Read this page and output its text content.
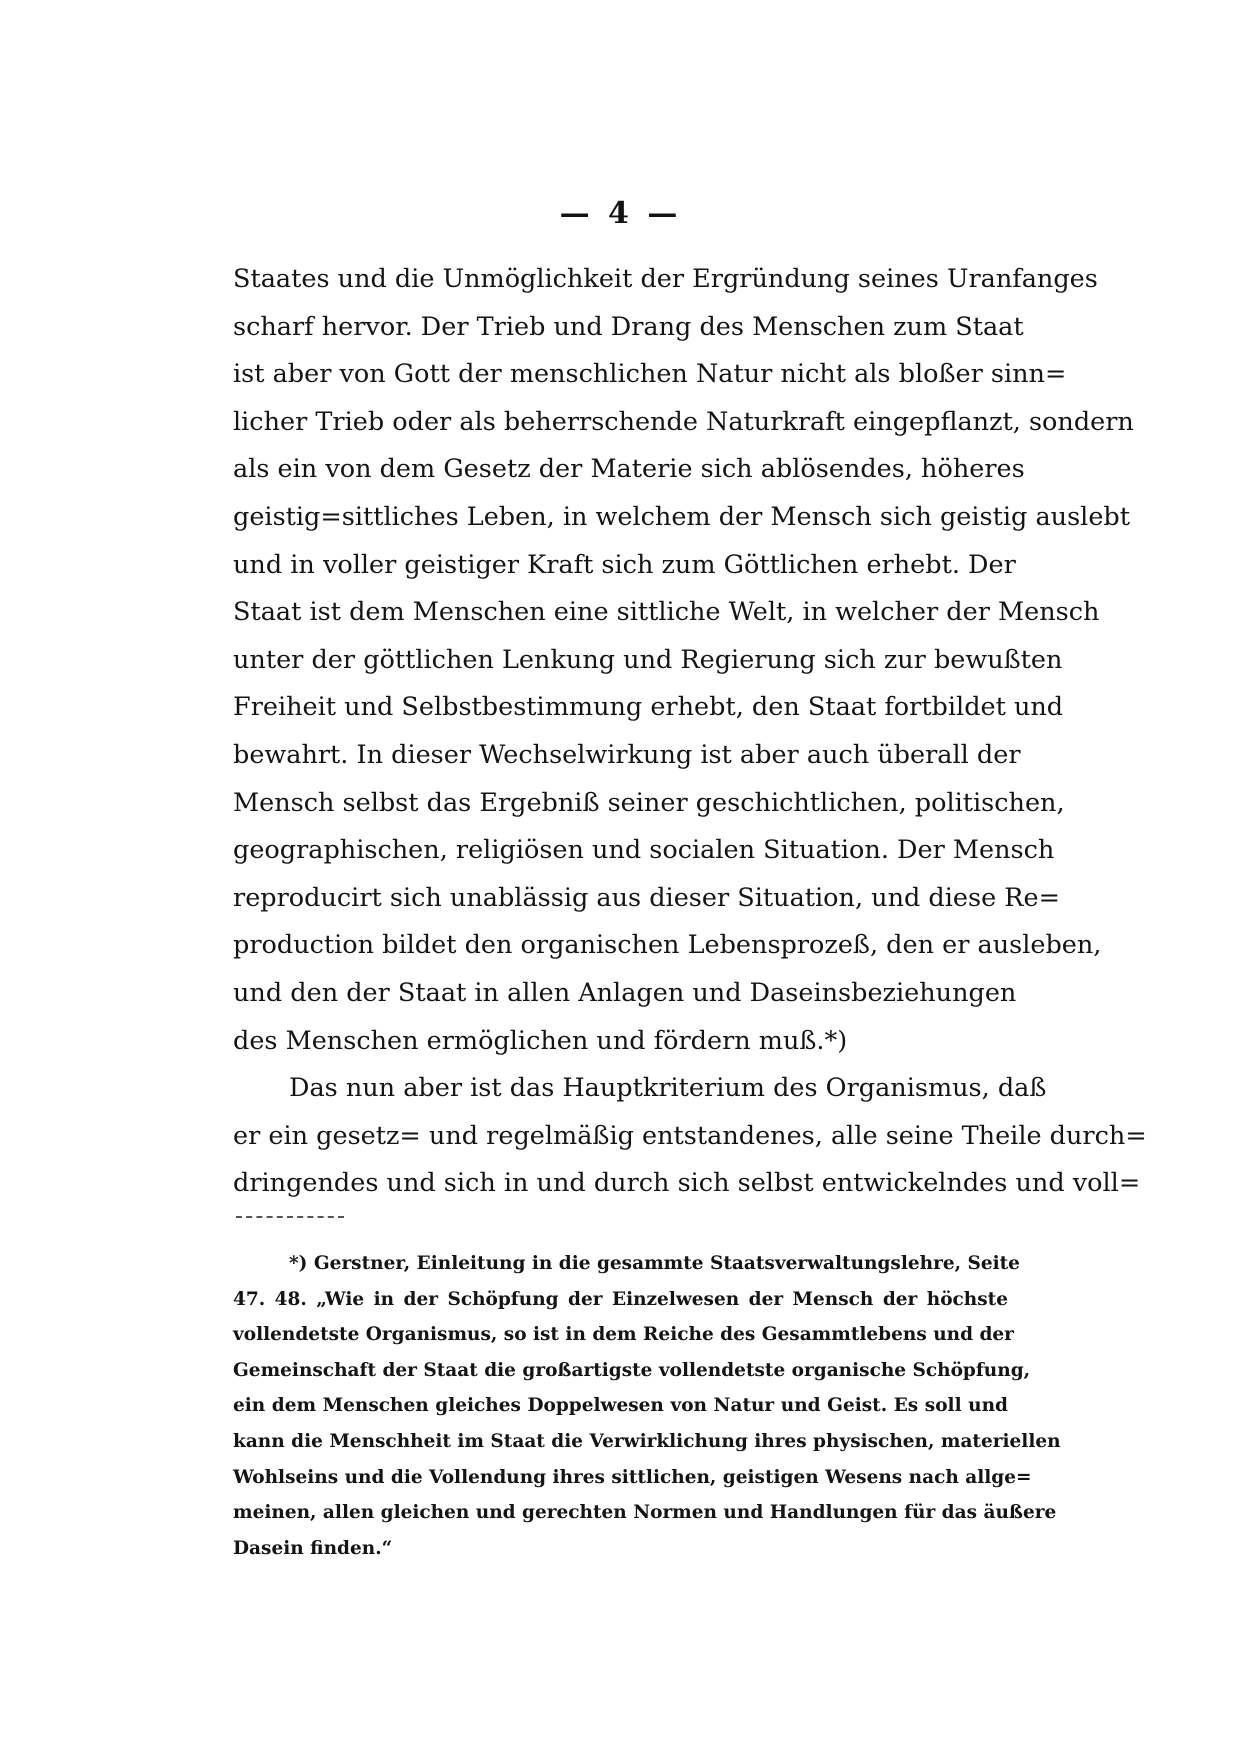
— 4 —
Staates und die Unmöglichkeit der Ergründung seines Uranfanges
scharf hervor. Der Trieb und Drang des Menschen zum Staat
ist aber von Gott der menschlichen Natur nicht als bloßer sinn=
licher Trieb oder als beherrschende Naturkraft eingepflanzt, sondern
als ein von dem Gesetz der Materie sich ablösendes, höheres
geistig=sittliches Leben, in welchem der Mensch sich geistig auslebt
und in voller geistiger Kraft sich zum Göttlichen erhebt. Der
Staat ist dem Menschen eine sittliche Welt, in welcher der Mensch
unter der göttlichen Lenkung und Regierung sich zur bewußten
Freiheit und Selbstbestimmung erhebt, den Staat fortbildet und
bewahrt. In dieser Wechselwirkung ist aber auch überall der
Mensch selbst das Ergebniß seiner geschichtlichen, politischen,
geographischen, religiösen und socialen Situation. Der Mensch
reproducirt sich unablässig aus dieser Situation, und diese Re=
production bildet den organischen Lebensprozeß, den er ausleben,
und den der Staat in allen Anlagen und Daseinsbeziehungen
des Menschen ermöglichen und fördern muß.*)
Das nun aber ist das Hauptkriterium des Organismus, daß
er ein gesetz= und regelmäßig entstandenes, alle seine Theile durch=
dringendes und sich in und durch sich selbst entwickelndes und voll=
*) Gerstner, Einleitung in die gesammte Staatsverwaltungslehre, Seite
47. 48. „Wie in der Schöpfung der Einzelwesen der Mensch der höchste
vollendetste Organismus, so ist in dem Reiche des Gesammtlebens und der
Gemeinschaft der Staat die großartigste vollendetste organische Schöpfung,
ein dem Menschen gleiches Doppelwesen von Natur und Geist. Es soll und
kann die Menschheit im Staat die Verwirklichung ihres physischen, materiellen
Wohlseins und die Vollendung ihres sittlichen, geistigen Wesens nach allge=
meinen, allen gleichen und gerechten Normen und Handlungen für das äußere
Dasein finden.“
